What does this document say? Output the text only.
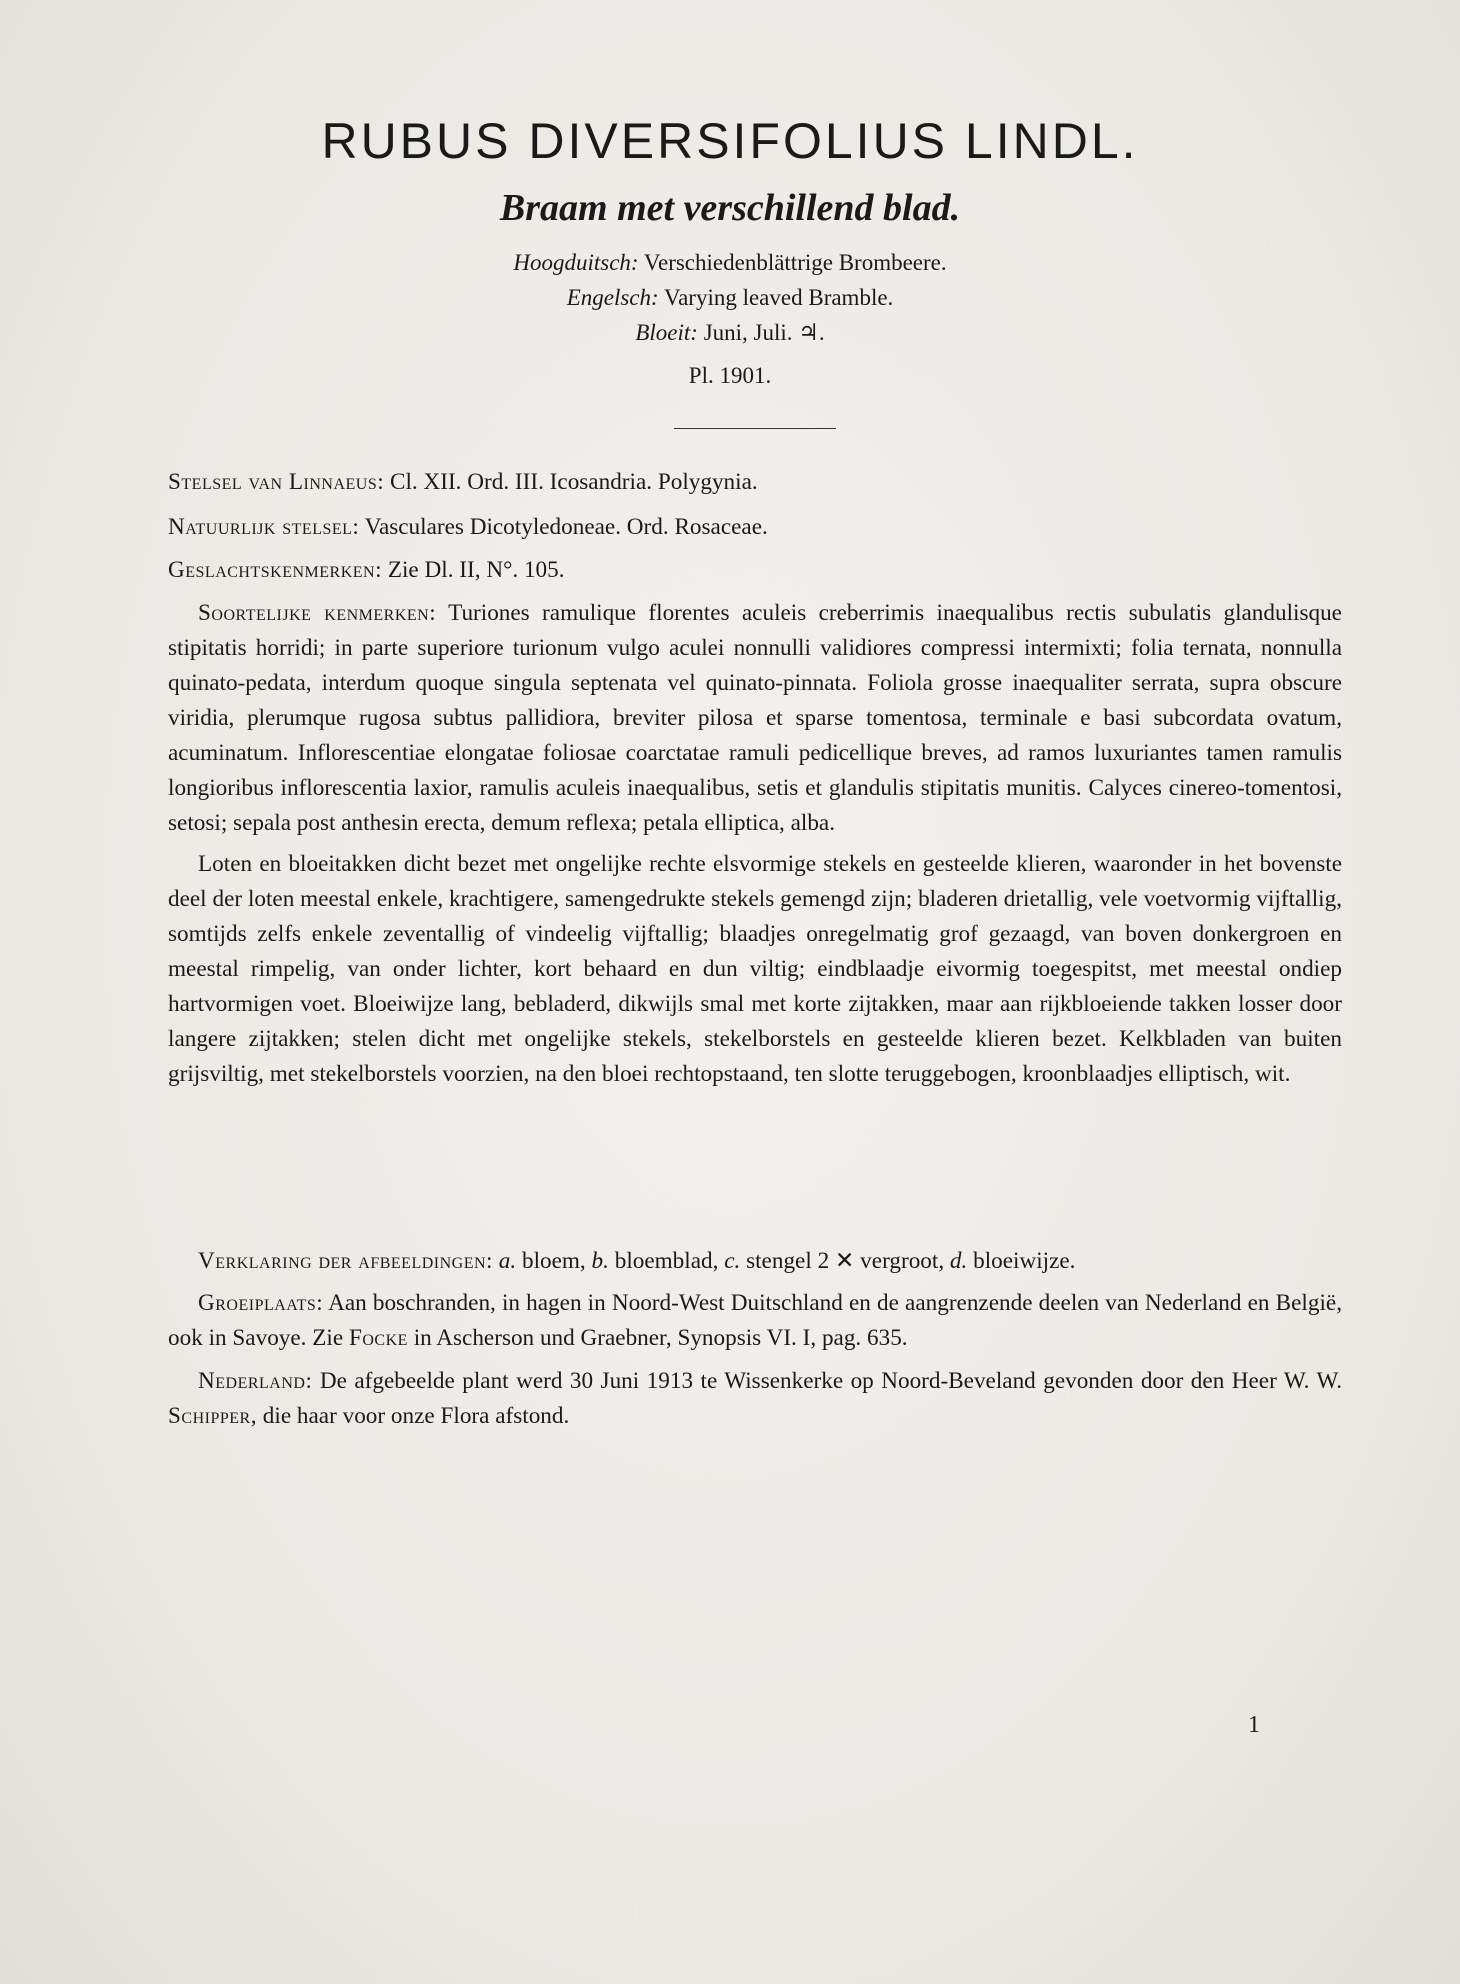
RUBUS DIVERSIFOLIUS LINDL.
Braam met verschillend blad.
Hoogduitsch: Verschiedenblättrige Brombeere.
Engelsch: Varying leaved Bramble.
Bloeit: Juni, Juli. ♃.
Pl. 1901.
Stelsel van Linnaeus: Cl. XII. Ord. III. Icosandria. Polygynia.
Natuurlijk stelsel: Vasculares Dicotyledoneae. Ord. Rosaceae.
Geslachtskenmerken: Zie Dl. II, N°. 105.
Soortelijke kenmerken: Turiones ramulique florentes aculeis creberrimis inaequalibus rectis subulatis glandulisque stipitatis horridi; in parte superiore turionum vulgo aculei nonnulli validiores compressi intermixti; folia ternata, nonnulla quinato-pedata, interdum quoque singula septenata vel quinato-pinnata. Foliola grosse inaequaliter serrata, supra obscure viridia, plerumque rugosa subtus pallidiora, breviter pilosa et sparse tomentosa, terminale e basi subcordata ovatum, acuminatum. Inflorescentiae elongatae foliosae coarctatae ramuli pedicellique breves, ad ramos luxuriantes tamen ramulis longioribus inflorescentia laxior, ramulis aculeis inaequalibus, setis et glandulis stipitatis munitis. Calyces cinereo-tomentosi, setosi; sepala post anthesin erecta, demum reflexa; petala elliptica, alba.
Loten en bloeitakken dicht bezet met ongelijke rechte elsvormige stekels en gesteelde klieren, waaronder in het bovenste deel der loten meestal enkele, krachtigere, samengedrukte stekels gemengd zijn; bladeren drietallig, vele voetvormig vijftallig, somtijds zelfs enkele zeventallig of vindeelig vijftallig; blaadjes onregelmatig grof gezaagd, van boven donkergroen en meestal rimpelig, van onder lichter, kort behaard en dun viltig; eindblaadje eivormig toegespitst, met meestal ondiep hartvormigen voet. Bloeiwijze lang, bebladerd, dikwijls smal met korte zijtakken, maar aan rijkbloeiende takken losser door langere zijtakken; stelen dicht met ongelijke stekels, stekelborstels en gesteelde klieren bezet. Kelkbladen van buiten grijsviltig, met stekelborstels voorzien, na den bloei rechtopstaand, ten slotte teruggebogen, kroonblaadjes elliptisch, wit.
Verklaring der afbeeldingen: a. bloem, b. bloemblad, c. stengel 2 ✕ vergroot, d. bloeiwijze.
Groeiplaats: Aan boschranden, in hagen in Noord-West Duitschland en de aangrenzende deelen van Nederland en België, ook in Savoye. Zie Focke in Ascherson und Graebner, Synopsis VI. I, pag. 635.
Nederland: De afgebeelde plant werd 30 Juni 1913 te Wissenkerke op Noord-Beveland gevonden door den Heer W. W. Schipper, die haar voor onze Flora afstond.
1
